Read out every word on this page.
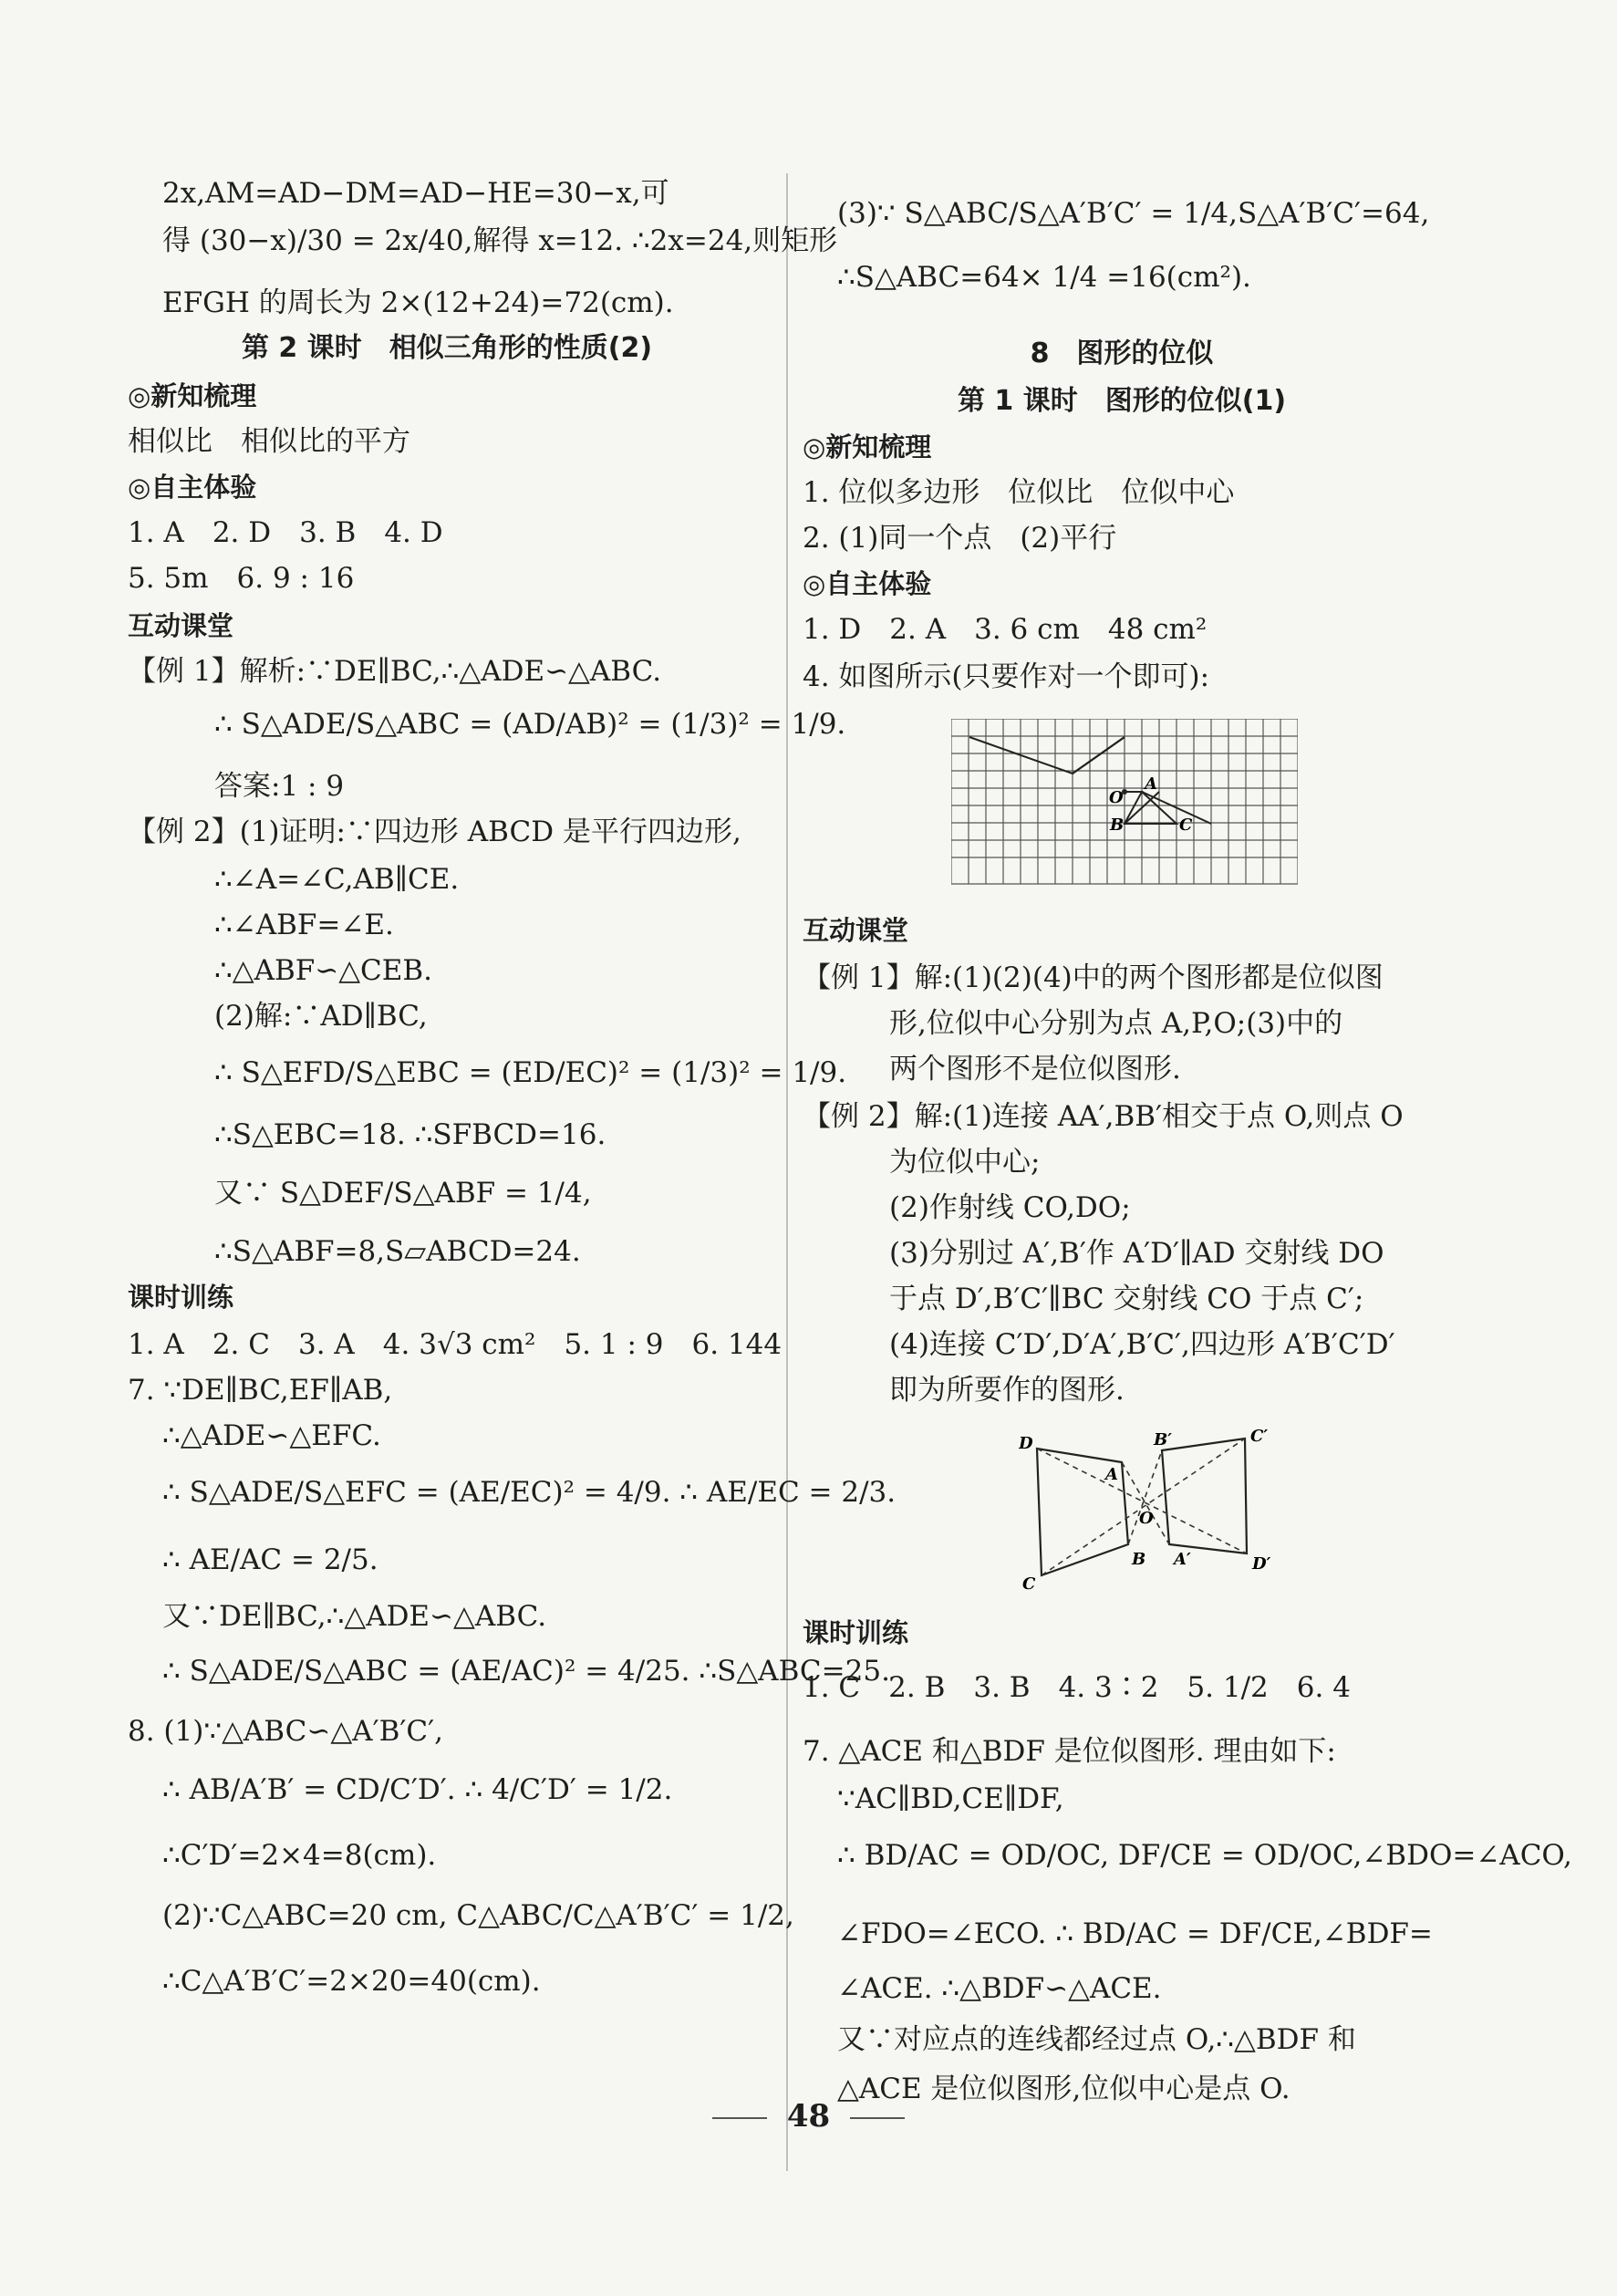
2x,AM=AD−DM=AD−HE=30−x,可
得 (30−x)/30 = 2x/40,解得 x=12. ∴2x=24,则矩形
EFGH 的周长为 2×(12+24)=72(cm).
第 2 课时　相似三角形的性质(2)
◎新知梳理
相似比　相似比的平方
◎自主体验
1. A　2. D　3. B　4. D
5. 5m　6. 9 : 16
互动课堂
【例 1】解析:∵DE∥BC,∴△ADE∽△ABC.
∴ S△ADE/S△ABC = (AD/AB)² = (1/3)² = 1/9.
答案:1 : 9
【例 2】(1)证明:∵四边形 ABCD 是平行四边形,
∴∠A=∠C,AB∥CE.
∴∠ABF=∠E.
∴△ABF∽△CEB.
(2)解:∵AD∥BC,
∴ S△EFD/S△EBC = (ED/EC)² = (1/3)² = 1/9.
∴S△EBC=18. ∴SFBCD=16.
又∵ S△DEF/S△ABF = 1/4,
∴S△ABF=8,S▱ABCD=24.
课时训练
1. A　2. C　3. A　4. 3√3 cm²　5. 1 : 9　6. 144
7. ∵DE∥BC,EF∥AB,
∴△ADE∽△EFC.
∴ S△ADE/S△EFC = (AE/EC)² = 4/9. ∴ AE/EC = 2/3.
∴ AE/AC = 2/5.
又∵DE∥BC,∴△ADE∽△ABC.
∴ S△ADE/S△ABC = (AE/AC)² = 4/25. ∴S△ABC=25.
8. (1)∵△ABC∽△A′B′C′,
∴ AB/A′B′ = CD/C′D′. ∴ 4/C′D′ = 1/2.
∴C′D′=2×4=8(cm).
(2)∵C△ABC=20 cm, C△ABC/C△A′B′C′ = 1/2,
∴C△A′B′C′=2×20=40(cm).
(3)∵ S△ABC/S△A′B′C′ = 1/4,S△A′B′C′=64,
∴S△ABC=64× 1/4 =16(cm²).
8　图形的位似
第 1 课时　图形的位似(1)
◎新知梳理
1. 位似多边形　位似比　位似中心
2. (1)同一个点　(2)平行
◎自主体验
1. D　2. A　3. 6 cm　48 cm²
4. 如图所示(只要作对一个即可):
O
A
B	C
互动课堂
【例 1】解:(1)(2)(4)中的两个图形都是位似图
形,位似中心分别为点 A,P,O;(3)中的
两个图形不是位似图形.
【例 2】解:(1)连接 AA′,BB′相交于点 O,则点 O
为位似中心;
(2)作射线 CO,DO;
(3)分别过 A′,B′作 A′D′∥AD 交射线 DO
于点 D′,B′C′∥BC 交射线 CO 于点 C′;
(4)连接 C′D′,D′A′,B′C′,四边形 A′B′C′D′
即为所要作的图形.
D
A
B′	C′
O
C
B A′	D′
课时训练
1. C　2. B　3. B　4. 3∶2　5. 1/2　6. 4
7. △ACE 和△BDF 是位似图形. 理由如下:
∵AC∥BD,CE∥DF,
∴ BD/AC = OD/OC, DF/CE = OD/OC,∠BDO=∠ACO,
∠FDO=∠ECO. ∴ BD/AC = DF/CE,∠BDF=
∠ACE. ∴△BDF∽△ACE.
又∵对应点的连线都经过点 O,∴△BDF 和
△ACE 是位似图形,位似中心是点 O.
48
